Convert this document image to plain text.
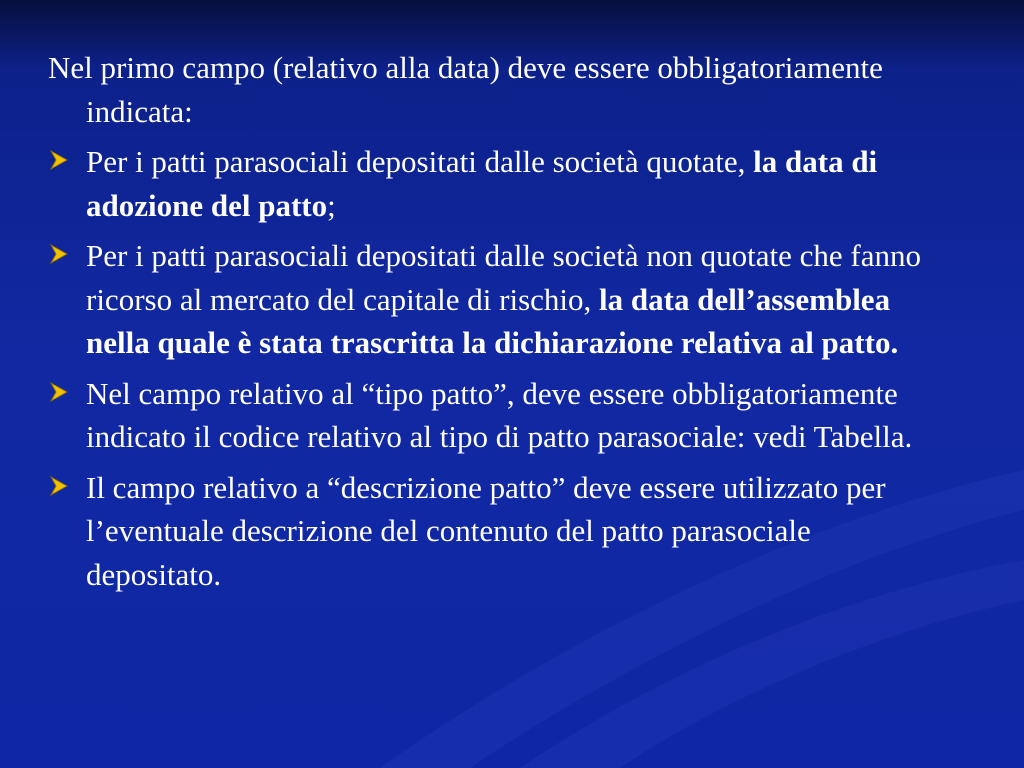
Nel primo campo (relativo alla data) deve essere obbligatoriamente indicata:
Per i patti parasociali depositati dalle società quotate, la data di adozione del patto;
Per i patti parasociali depositati dalle società non quotate che fanno ricorso al mercato del capitale di rischio, la data dell’assemblea nella quale è stata trascritta la dichiarazione relativa al patto.
Nel campo relativo al “tipo patto”, deve essere obbligatoriamente indicato il codice relativo al tipo di patto parasociale: vedi Tabella.
Il campo relativo a “descrizione patto” deve essere utilizzato per l’eventuale descrizione del contenuto del patto parasociale depositato.
